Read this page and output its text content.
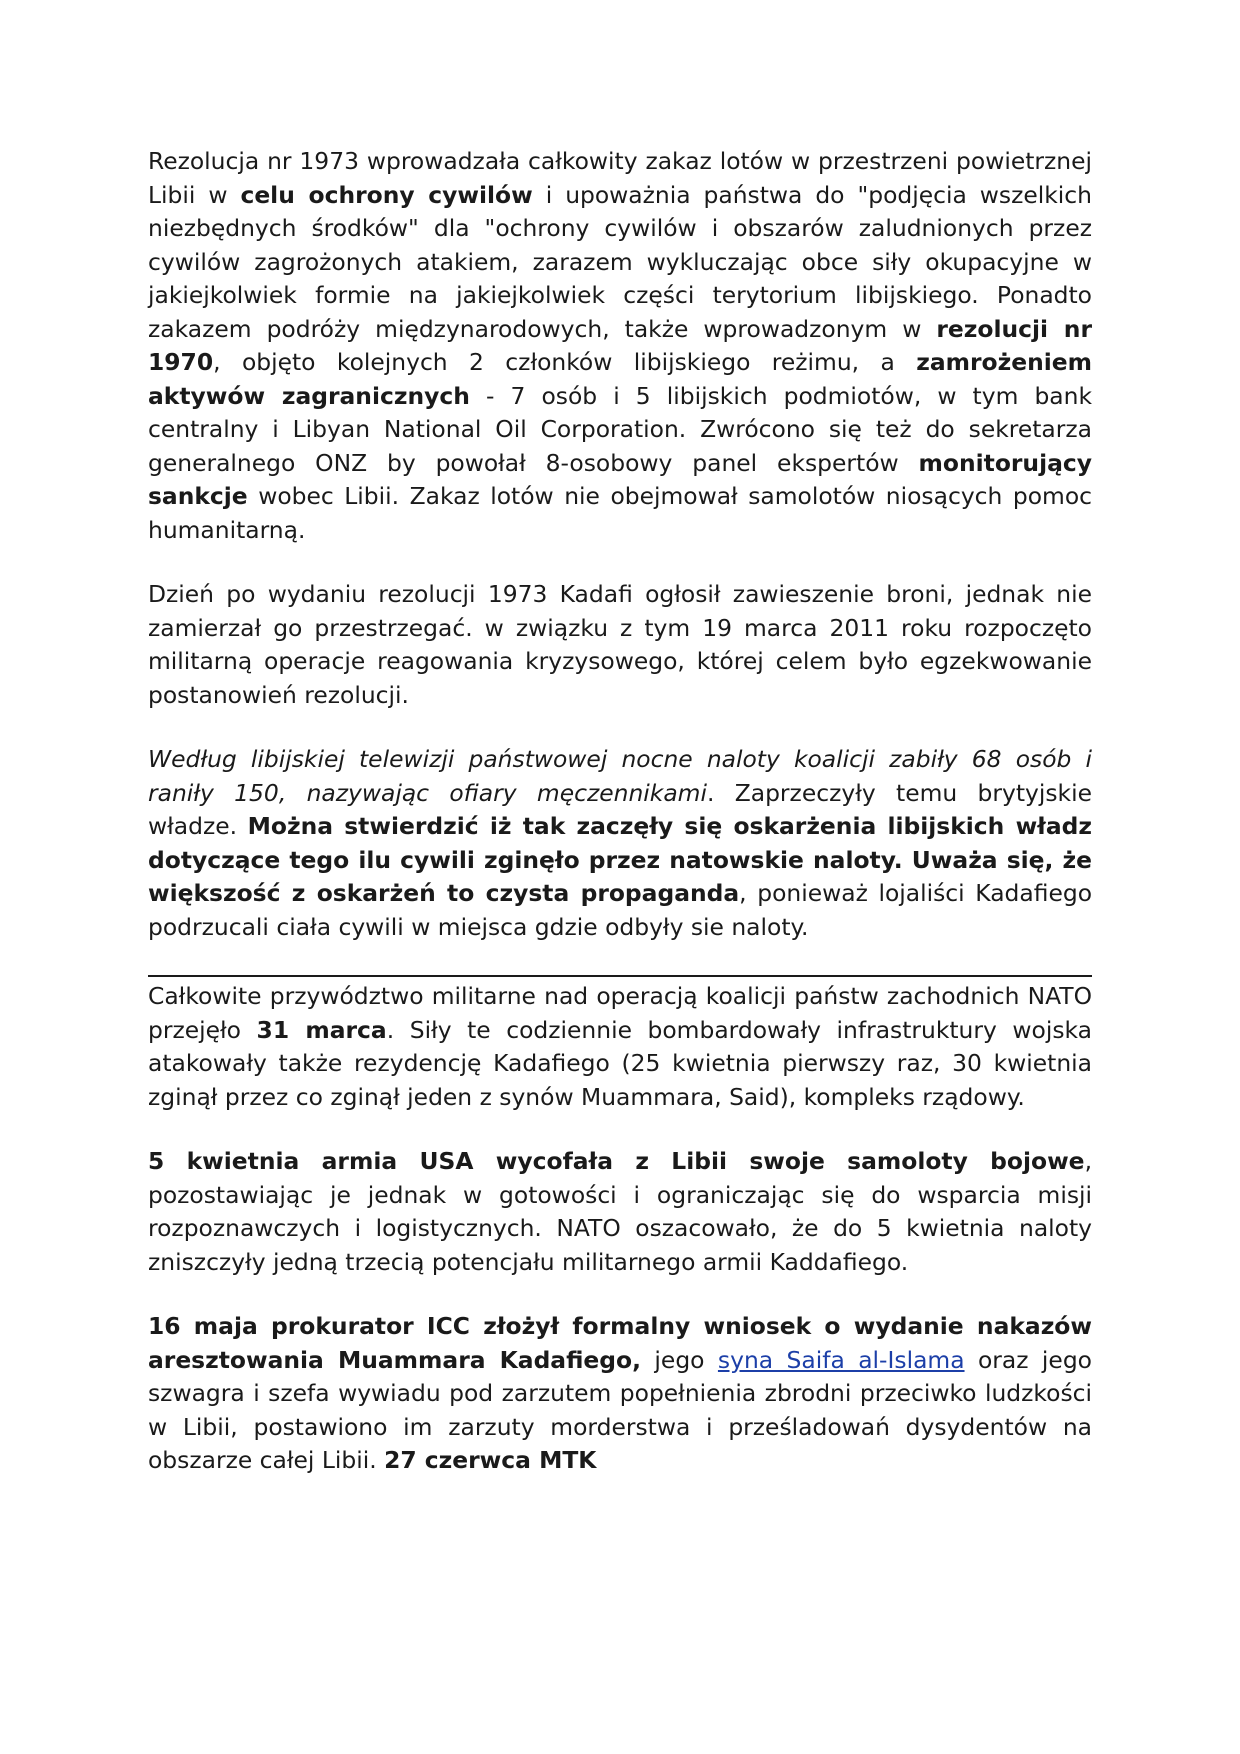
Rezolucja nr 1973 wprowadzała całkowity zakaz lotów w przestrzeni powietrznej Libii w celu ochrony cywilów i upoważnia państwa do "podjęcia wszelkich niezbędnych środków" dla "ochrony cywilów i obszarów zaludnionych przez cywilów zagrożonych atakiem, zarazem wykluczając obce siły okupacyjne w jakiejkolwiek formie na jakiejkolwiek części terytorium libijskiego. Ponadto zakazem podróży międzynarodowych, także wprowadzonym w rezolucji nr 1970, objęto kolejnych 2 członków libijskiego reżimu, a zamrożeniem aktywów zagranicznych - 7 osób i 5 libijskich podmiotów, w tym bank centralny i Libyan National Oil Corporation. Zwrócono się też do sekretarza generalnego ONZ by powołał 8-osobowy panel ekspertów monitorujący sankcje wobec Libii. Zakaz lotów nie obejmował samolotów niosących pomoc humanitarną.

Dzień po wydaniu rezolucji 1973 Kadafi ogłosił zawieszenie broni, jednak nie zamierzał go przestrzegać. w związku z tym 19 marca 2011 roku rozpoczęto militarną operacje reagowania kryzysowego, której celem było egzekwowanie postanowień rezolucji.

Według libijskiej telewizji państwowej nocne naloty koalicji zabiły 68 osób i raniły 150, nazywając ofiary męczennikami. Zaprzeczyły temu brytyjskie władze. Można stwierdzić iż tak zaczęły się oskarżenia libijskich władz dotyczące tego ilu cywili zginęło przez natowskie naloty. Uważa się, że większość z oskarżeń to czysta propaganda, ponieważ lojaliści Kadafiego podrzucali ciała cywili w miejsca gdzie odbyły sie naloty.

Całkowite przywództwo militarne nad operacją koalicji państw zachodnich NATO przejęło 31 marca. Siły te codziennie bombardowały infrastruktury wojska atakowały także rezydencję Kadafiego (25 kwietnia pierwszy raz, 30 kwietnia zginął przez co zginął jeden z synów Muammara, Said), kompleks rządowy.

5 kwietnia armia USA wycofała z Libii swoje samoloty bojowe, pozostawiając je jednak w gotowości i ograniczając się do wsparcia misji rozpoznawczych i logistycznych. NATO oszacowało, że do 5 kwietnia naloty zniszczyły jedną trzecią potencjału militarnego armii Kaddafiego.

16 maja prokurator ICC złożył formalny wniosek o wydanie nakazów aresztowania Muammara Kadafiego, jego syna Saifa al-Islama oraz jego szwagra i szefa wywiadu pod zarzutem popełnienia zbrodni przeciwko ludzkości w Libii, postawiono im zarzuty morderstwa i prześladowań dysydentów na obszarze całej Libii. 27 czerwca MTK
